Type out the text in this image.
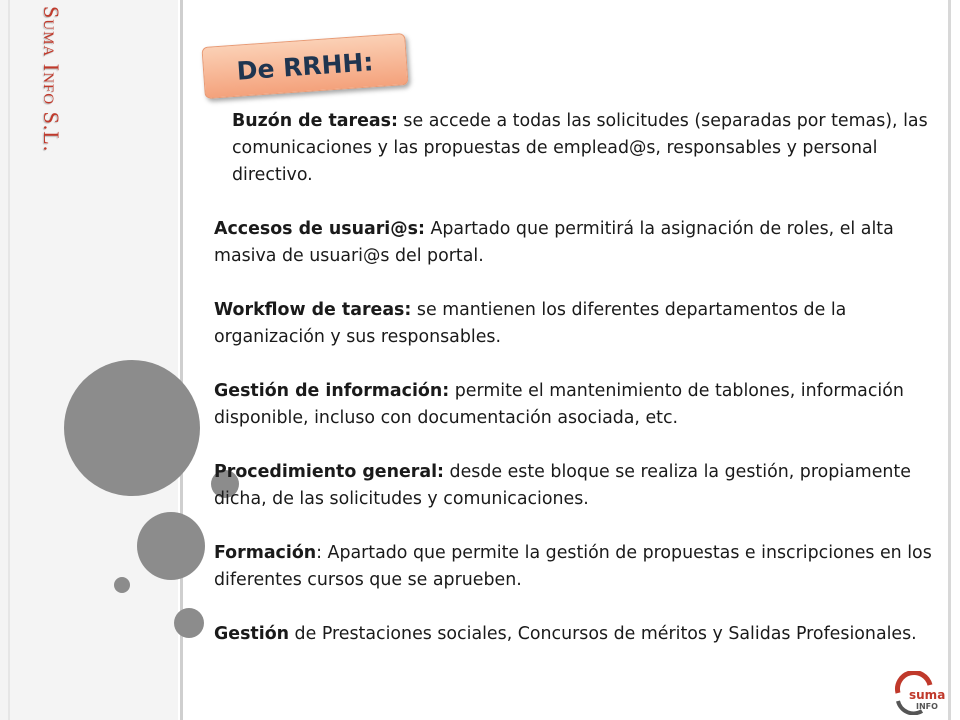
Suma Info S.L.	De RRHH:

Buzón de tareas: se accede a todas las solicitudes (separadas por temas), las comunicaciones y las propuestas de emplead@s, responsables y personal directivo.

Accesos de usuari@s: Apartado que permitirá la asignación de roles, el alta masiva de usuari@s del portal.

Workflow de tareas: se mantienen los diferentes departamentos de la organización y sus responsables.

Gestión de información: permite el mantenimiento de tablones, información disponible, incluso con documentación asociada, etc.

Procedimiento general: desde este bloque se realiza la gestión, propiamente dicha, de las solicitudes y comunicaciones.

Formación: Apartado que permite la gestión de propuestas e inscripciones en los diferentes cursos que se aprueben.

Gestión de Prestaciones sociales, Concursos de méritos y Salidas Profesionales.

suma
INFO
